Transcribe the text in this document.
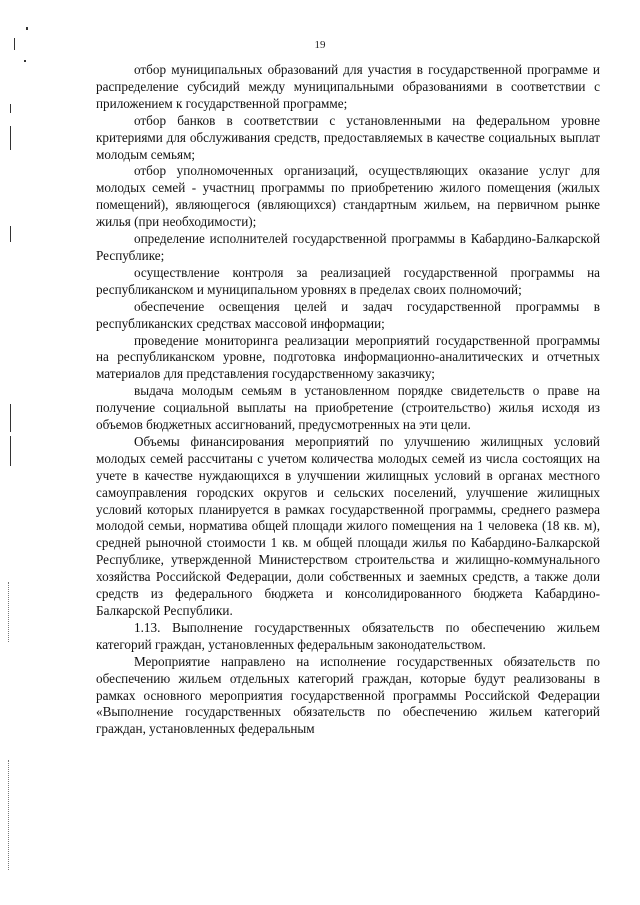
19

отбор муниципальных образований для участия в государственной программе и распределение субсидий между муниципальными образованиями в соответствии с приложением к государственной программе;

отбор банков в соответствии с установленными на федеральном уровне критериями для обслуживания средств, предоставляемых в качестве социальных выплат молодым семьям;

отбор уполномоченных организаций, осуществляющих оказание услуг для молодых семей - участниц программы по приобретению жилого помещения (жилых помещений), являющегося (являющихся) стандартным жильем, на первичном рынке жилья (при необходимости);

определение исполнителей государственной программы в Кабардино-Балкарской Республике;

осуществление контроля за реализацией государственной программы на республиканском и муниципальном уровнях в пределах своих полномочий;

обеспечение освещения целей и задач государственной программы в республиканских средствах массовой информации;

проведение мониторинга реализации мероприятий государственной программы на республиканском уровне, подготовка информационно-аналитических и отчетных материалов для представления государственному заказчику;

выдача молодым семьям в установленном порядке свидетельств о праве на получение социальной выплаты на приобретение (строительство) жилья исходя из объемов бюджетных ассигнований, предусмотренных на эти цели.

Объемы финансирования мероприятий по улучшению жилищных условий молодых семей рассчитаны с учетом количества молодых семей из числа состоящих на учете в качестве нуждающихся в улучшении жилищных условий в органах местного самоуправления городских округов и сельских поселений, улучшение жилищных условий которых планируется в рамках государственной программы, среднего размера молодой семьи, норматива общей площади жилого помещения на 1 человека (18 кв. м), средней рыночной стоимости 1 кв. м общей площади жилья по Кабардино-Балкарской Республике, утвержденной Министерством строительства и жилищно-коммунального хозяйства Российской Федерации, доли собственных и заемных средств, а также доли средств из федерального бюджета и консолидированного бюджета Кабардино-Балкарской Республики.

1.13. Выполнение государственных обязательств по обеспечению жильем категорий граждан, установленных федеральным законодательством.

Мероприятие направлено на исполнение государственных обязательств по обеспечению жильем отдельных категорий граждан, которые будут реализованы в рамках основного мероприятия государственной программы Российской Федерации «Выполнение государственных обязательств по обеспечению жильем категорий граждан, установленных федеральным
